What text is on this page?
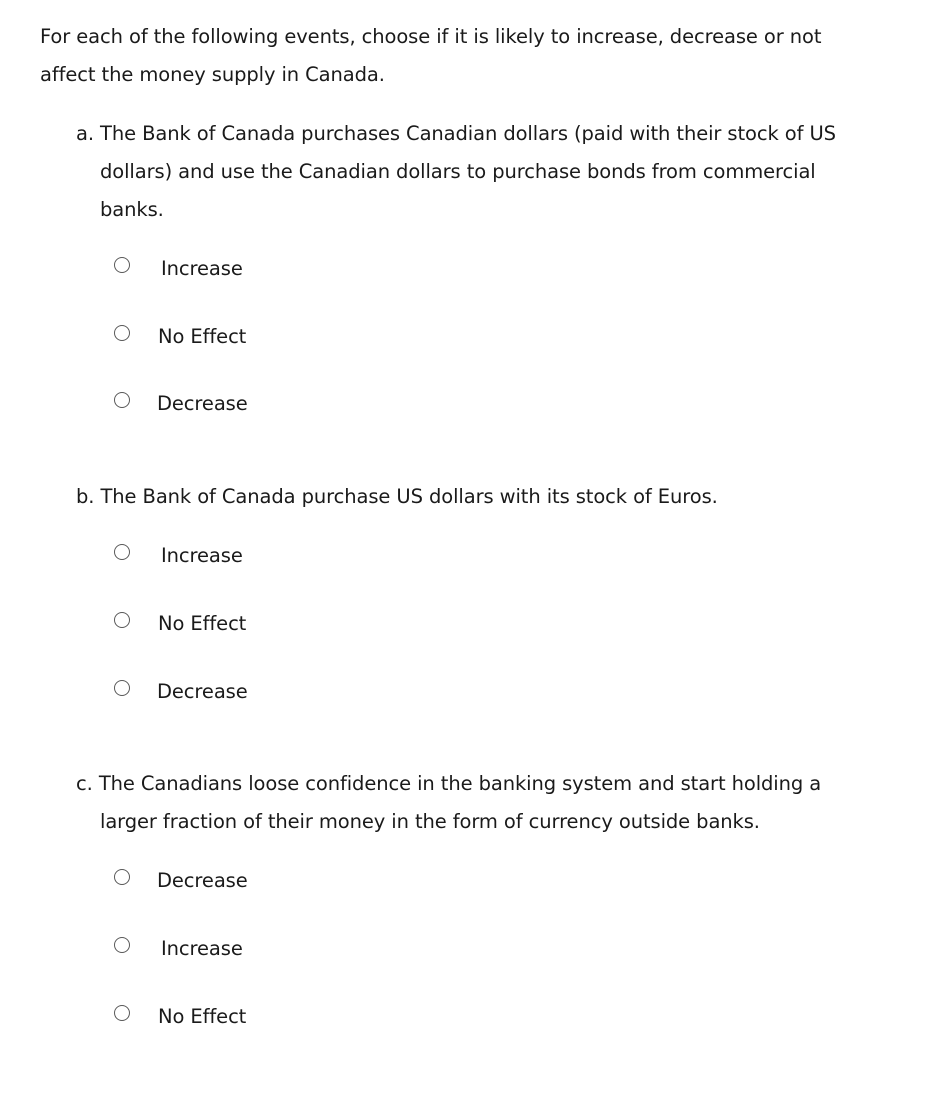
For each of the following events, choose if it is likely to increase, decrease or not affect the money supply in Canada.

a. The Bank of Canada purchases Canadian dollars (paid with their stock of US dollars) and use the Canadian dollars to purchase bonds from commercial banks.

Increase
No Effect
Decrease

b. The Bank of Canada purchase US dollars with its stock of Euros.

Increase
No Effect
Decrease

c. The Canadians loose confidence in the banking system and start holding a larger fraction of their money in the form of currency outside banks.

Decrease
Increase
No Effect
